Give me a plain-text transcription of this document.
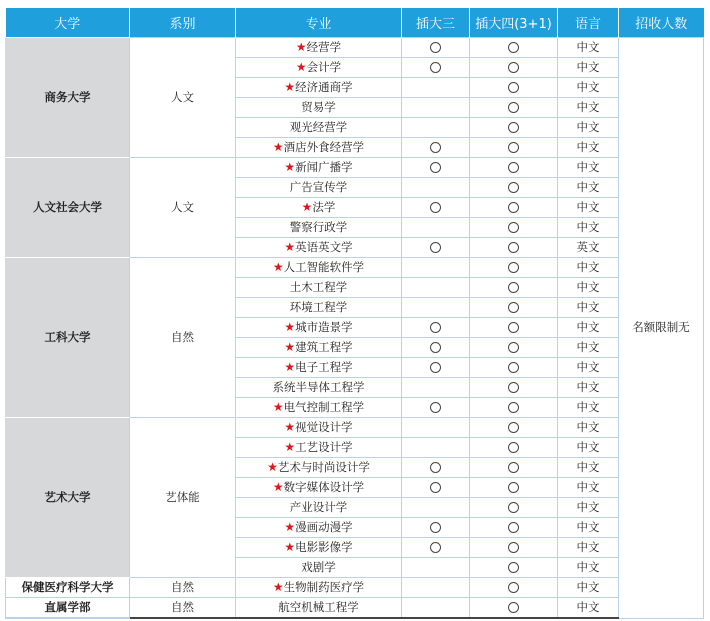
大学	系别	专业	插大三	插大四(3+1)	语言	招收人数
商务大学	人文	★经营学			中文	名额限制无
		★会计学			中文	
		★经济通商学			中文	
		贸易学			中文	
		观光经营学			中文	
		★酒店外食经营学			中文	
人文社会大学	人文	★新闻广播学			中文	
		广告宣传学			中文	
		★法学			中文	
		警察行政学			中文	
		★英语英文学			英文	
工科大学	自然	★人工智能软件学			中文	
		土木工程学			中文	
		环境工程学			中文	
		★城市造景学			中文	
		★建筑工程学			中文	
		★电子工程学			中文	
		系统半导体工程学			中文	
		★电气控制工程学			中文	
艺术大学	艺体能	★视觉设计学			中文	
		★工艺设计学			中文	
		★艺术与时尚设计学			中文	
		★数字媒体设计学			中文	
		产业设计学			中文	
		★漫画动漫学			中文	
		★电影影像学			中文	
		戏剧学			中文	
保健医疗科学大学	自然	★生物制药医疗学			中文	
直属学部	自然	航空机械工程学			中文	
